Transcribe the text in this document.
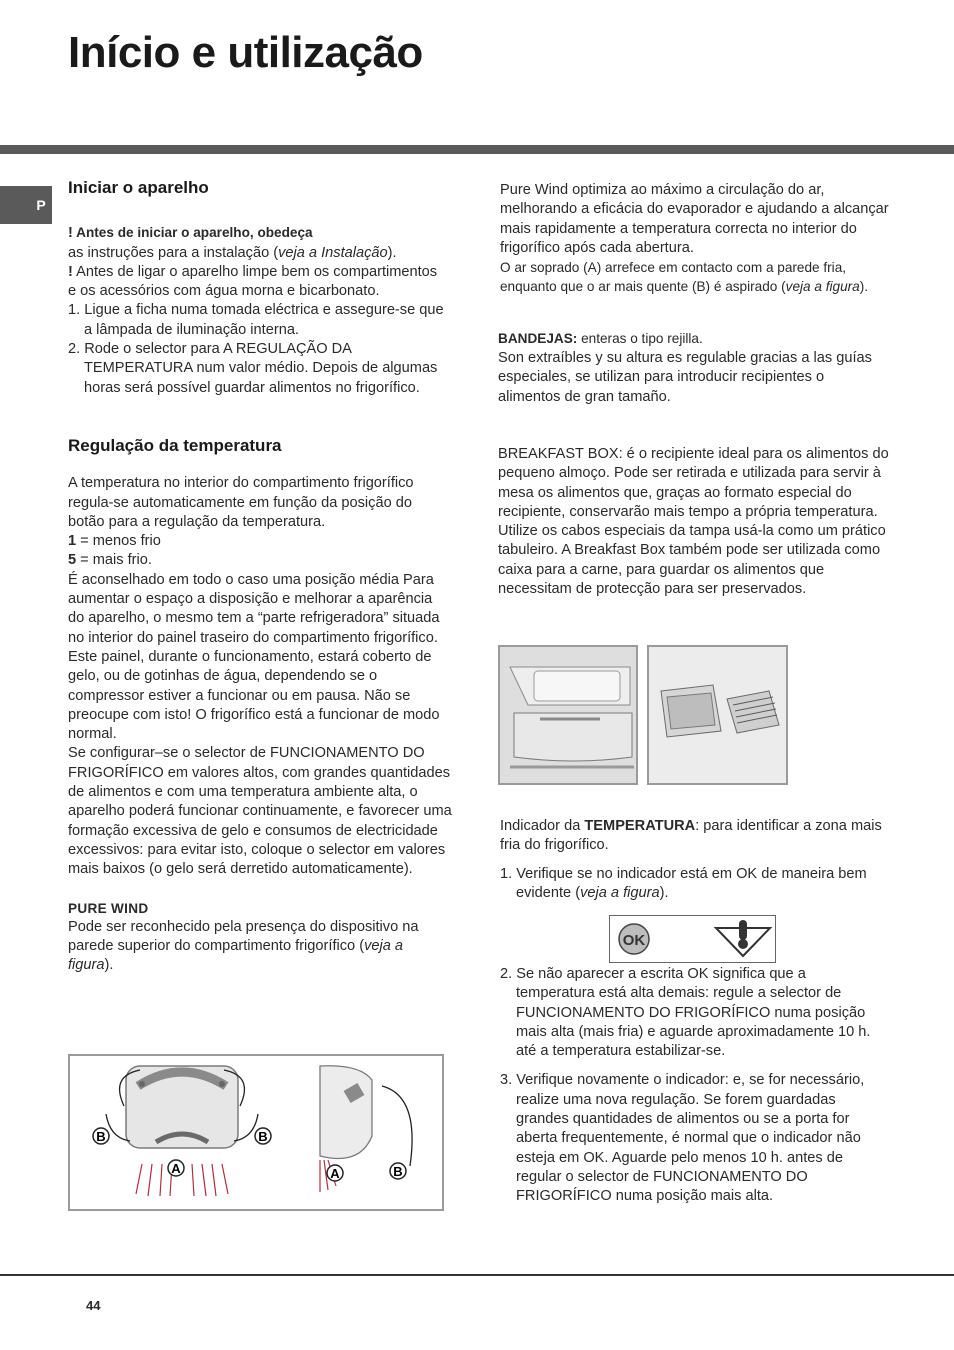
Início e utilização
P
Iniciar o aparelho

! Antes de iniciar o aparelho, obedeça
as instruções para a instalação (veja a Instalação).

! Antes de ligar o aparelho limpe bem os compartimentos
e os acessórios com água morna e bicarbonato.

1. Ligue a ficha numa tomada eléctrica e assegure-se que a lâmpada de iluminação interna.
2. Rode o selector para A REGULAÇÃO DA TEMPERATURA num valor médio. Depois de algumas horas será possível guardar alimentos no frigorífico.
Regulação da temperatura

A temperatura no interior do compartimento frigorífico regula-se automaticamente em função da posição do botão para a regulação da temperatura.

1 = menos frio

5 = mais frio.

É aconselhado em todo o caso uma posição média Para aumentar o espaço a disposição e melhorar a aparência do aparelho, o mesmo tem a “parte refrigeradora” situada no interior do painel traseiro do compartimento frigorífico. Este painel, durante o funcionamento, estará coberto de gelo, ou de gotinhas de água, dependendo se o compressor estiver a funcionar ou em pausa. Não se preocupe com isto! O frigorífico está a funcionar de modo normal.

Se configurar–se o selector de FUNCIONAMENTO DO FRIGORÍFICO em valores altos, com grandes quantidades de alimentos e com uma temperatura ambiente alta, o aparelho poderá funcionar continuamente, e favorecer uma formação excessiva de gelo e consumos de electricidade excessivos: para evitar isto, coloque o selector em valores mais baixos (o gelo será derretido automaticamente).

PURE WIND

Pode ser reconhecido pela presença do dispositivo na parede superior do compartimento frigorífico (veja a figura).

B	B
A	A	B

Pure Wind optimiza ao máximo a circulação do ar, melhorando a eficácia do evaporador e ajudando a alcançar mais rapidamente a temperatura correcta no interior do frigorífico após cada abertura.

O ar soprado (A) arrefece em contacto com a parede fria, enquanto que o ar mais quente (B) é aspirado (veja a figura).

BANDEJAS: enteras o tipo rejilla.

Son extraíbles y su altura es regulable gracias a las guías especiales, se utilizan para introducir recipientes o alimentos de gran tamaño.

BREAKFAST BOX: é o recipiente ideal para os alimentos do pequeno almoço. Pode ser retirada e utilizada para servir à mesa os alimentos que, graças ao formato especial do recipiente, conservarão mais tempo a própria temperatura. Utilize os cabos especiais da tampa usá-la como um prático tabuleiro. A Breakfast Box também pode ser utilizada como caixa para a carne, para guardar os alimentos que necessitam de protecção para ser preservados.

Indicador da TEMPERATURA: para identificar a zona mais fria do frigorífico.

1. Verifique se no indicador está em OK de maneira bem evidente (veja a figura).
OK
2. Se não aparecer a escrita OK significa que a temperatura está alta demais: regule a selector de FUNCIONAMENTO DO FRIGORÍFICO numa posição mais alta (mais fria) e aguarde aproximadamente 10 h. até a temperatura estabilizar-se.
3. Verifique novamente o indicador: e, se for necessário, realize uma nova regulação. Se forem guardadas grandes quantidades de alimentos ou se a porta for aberta frequentemente, é normal que o indicador não esteja em OK. Aguarde pelo menos 10 h. antes de regular o selector de FUNCIONAMENTO DO FRIGORÍFICO numa posição mais alta.
44
